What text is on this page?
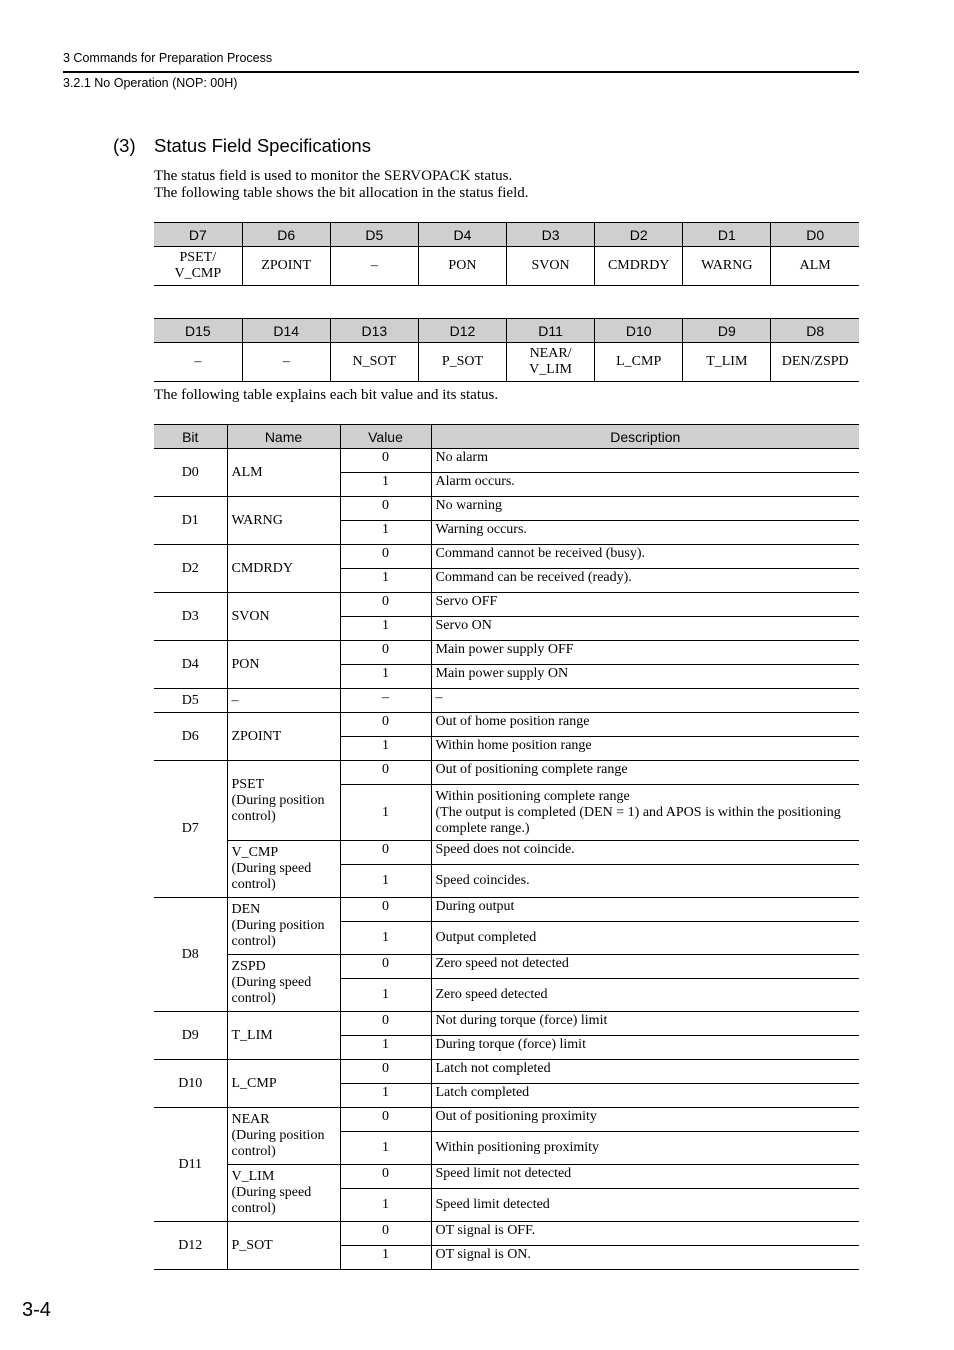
3 Commands for Preparation Process
3.2.1 No Operation (NOP: 00H)
(3) Status Field Specifications
The status field is used to monitor the SERVOPACK status.
The following table shows the bit allocation in the status field.
D7	D6	D5	D4	D3	D2	D1	D0
PSET/
V_CMP	ZPOINT	–	PON	SVON	CMDRDY	WARNG	ALM
D15	D14	D13	D12	D11	D10	D9	D8
–	–	N_SOT	P_SOT	NEAR/
V_LIM	L_CMP	T_LIM	DEN/ZSPD
The following table explains each bit value and its status.
Bit	Name	Value	Description
D0	ALM	0	No alarm
		1	Alarm occurs.
D1	WARNG	0	No warning
		1	Warning occurs.
D2	CMDRDY	0	Command cannot be received (busy).
		1	Command can be received (ready).
D3	SVON	0	Servo OFF
		1	Servo ON
D4	PON	0	Main power supply OFF
		1	Main power supply ON
D5	–	–	–
D6	ZPOINT	0	Out of home position range
		1	Within home position range
D7	PSET
(During position
control)	0	Out of positioning complete range
		1	Within positioning complete range
(The output is completed (DEN = 1) and APOS is within the positioning
complete range.)
	V_CMP
(During speed
control)	0	Speed does not coincide.
		1	Speed coincides.
D8	DEN
(During position
control)	0	During output
		1	Output completed
	ZSPD
(During speed
control)	0	Zero speed not detected
		1	Zero speed detected
D9	T_LIM	0	Not during torque (force) limit
		1	During torque (force) limit
D10	L_CMP	0	Latch not completed
		1	Latch completed
D11	NEAR
(During position
control)	0	Out of positioning proximity
		1	Within positioning proximity
	V_LIM
(During speed
control)	0	Speed limit not detected
		1	Speed limit detected
D12	P_SOT	0	OT signal is OFF.
		1	OT signal is ON.
3-4
